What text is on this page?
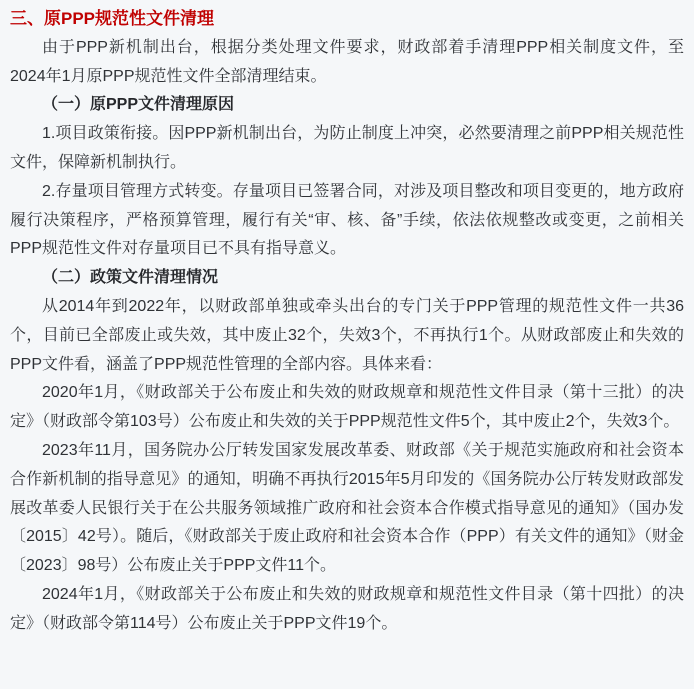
三、原PPP规范性文件清理

由于PPP新机制出台，根据分类处理文件要求，财政部着手清理PPP相关制度文件，至2024年1月原PPP规范性文件全部清理结束。

（一）原PPP文件清理原因

1.项目政策衔接。因PPP新机制出台，为防止制度上冲突，必然要清理之前PPP相关规范性文件，保障新机制执行。

2.存量项目管理方式转变。存量项目已签署合同，对涉及项目整改和项目变更的，地方政府履行决策程序，严格预算管理，履行有关“审、核、备”手续，依法依规整改或变更，之前相关PPP规范性文件对存量项目已不具有指导意义。

（二）政策文件清理情况

从2014年到2022年，以财政部单独或牵头出台的专门关于PPP管理的规范性文件一共36个，目前已全部废止或失效，其中废止32个，失效3个，不再执行1个。从财政部废止和失效的PPP文件看，涵盖了PPP规范性管理的全部内容。具体来看：

2020年1月，《财政部关于公布废止和失效的财政规章和规范性文件目录（第十三批）的决定》（财政部令第103号）公布废止和失效的关于PPP规范性文件5个，其中废止2个，失效3个。

2023年11月，国务院办公厅转发国家发展改革委、财政部《关于规范实施政府和社会资本合作新机制的指导意见》的通知，明确不再执行2015年5月印发的《国务院办公厅转发财政部发展改革委人民银行关于在公共服务领域推广政府和社会资本合作模式指导意见的通知》（国办发〔2015〕42号）。随后，《财政部关于废止政府和社会资本合作（PPP）有关文件的通知》（财金〔2023〕98号）公布废止关于PPP文件11个。

2024年1月，《财政部关于公布废止和失效的财政规章和规范性文件目录（第十四批）的决定》（财政部令第114号）公布废止关于PPP文件19个。
